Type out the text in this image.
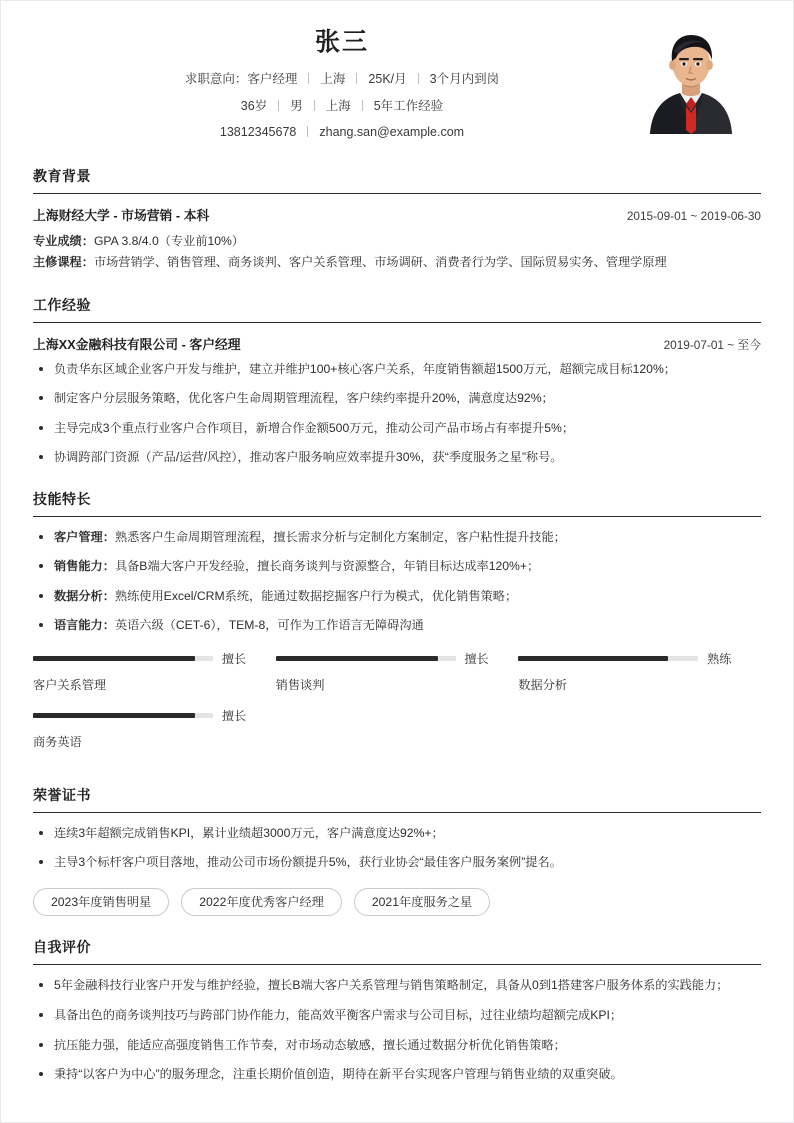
张三
求职意向：客户经理 上海 25K/月 3个月内到岗
36岁 男 上海 5年工作经验
13812345678 zhang.san@example.com
教育背景
上海财经大学 - 市场营销 - 本科	2015-09-01 ~ 2019-06-30
专业成绩：GPA 3.8/4.0（专业前10%）
主修课程：市场营销学、销售管理、商务谈判、客户关系管理、市场调研、消费者行为学、国际贸易实务、管理学原理
工作经验
上海XX金融科技有限公司 - 客户经理	2019-07-01 ~ 至今
负责华东区域企业客户开发与维护，建立并维护100+核心客户关系，年度销售额超1500万元，超额完成目标120%；
制定客户分层服务策略，优化客户生命周期管理流程，客户续约率提升20%，满意度达92%；
主导完成3个重点行业客户合作项目，新增合作金额500万元，推动公司产品市场占有率提升5%；
协调跨部门资源（产品/运营/风控），推动客户服务响应效率提升30%，获“季度服务之星”称号。
技能特长
客户管理：熟悉客户生命周期管理流程，擅长需求分析与定制化方案制定，客户粘性提升技能；
销售能力：具备B端大客户开发经验，擅长商务谈判与资源整合，年销目标达成率120%+；
数据分析：熟练使用Excel/CRM系统，能通过数据挖掘客户行为模式，优化销售策略；
语言能力：英语六级（CET-6），TEM-8，可作为工作语言无障碍沟通
擅长
客户关系管理
擅长
销售谈判
熟练
数据分析
擅长
商务英语
荣誉证书
连续3年超额完成销售KPI，累计业绩超3000万元，客户满意度达92%+；
主导3个标杆客户项目落地，推动公司市场份额提升5%，获行业协会“最佳客户服务案例”提名。
2023年度销售明星	2022年度优秀客户经理	2021年度服务之星
自我评价
5年金融科技行业客户开发与维护经验，擅长B端大客户关系管理与销售策略制定，具备从0到1搭建客户服务体系的实践能力；
具备出色的商务谈判技巧与跨部门协作能力，能高效平衡客户需求与公司目标，过往业绩均超额完成KPI；
抗压能力强，能适应高强度销售工作节奏，对市场动态敏感，擅长通过数据分析优化销售策略；
秉持“以客户为中心”的服务理念，注重长期价值创造，期待在新平台实现客户管理与销售业绩的双重突破。
